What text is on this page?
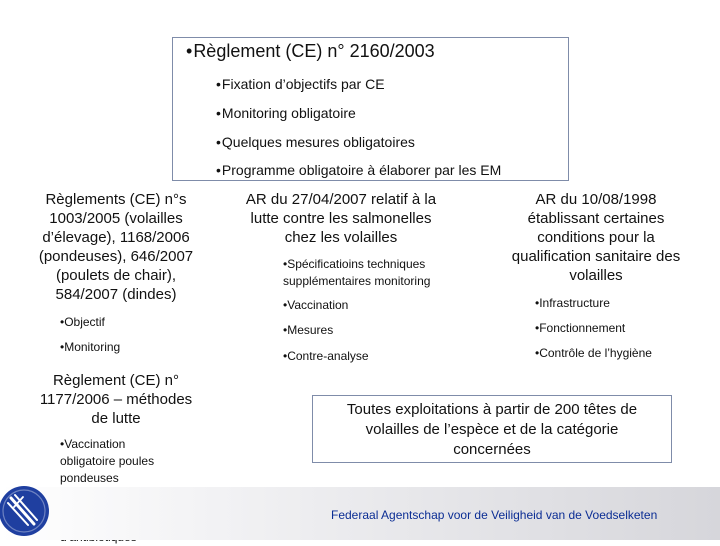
•Règlement (CE) n° 2160/2003
•Fixation d’objectifs par CE
•Monitoring obligatoire
•Quelques mesures obligatoires
•Programme obligatoire à élaborer par les EM
Règlements (CE) n°s
1003/2005 (volailles
d’élevage), 1168/2006
(pondeuses), 646/2007
(poulets de chair),
584/2007 (dindes)
•Objectif
•Monitoring
Règlement (CE) n°
1177/2006 – méthodes
de lutte
•Vaccination
obligatoire poules
pondeuses
AR du 27/04/2007 relatif à la
lutte contre les salmonelles
chez les volailles
•Spécificatioins techniques
supplémentaires monitoring
•Vaccination
•Mesures
•Contre-analyse
AR du 10/08/1998
établissant certaines
conditions pour la
qualification sanitaire des
volailles
•Infrastructure
•Fonctionnement
•Contrôle de l’hygiène
Toutes exploitations à partir de 200 têtes de
volailles de l’espèce et de la catégorie
concernées
Federaal Agentschap voor de Veiligheid van de Voedselketen
